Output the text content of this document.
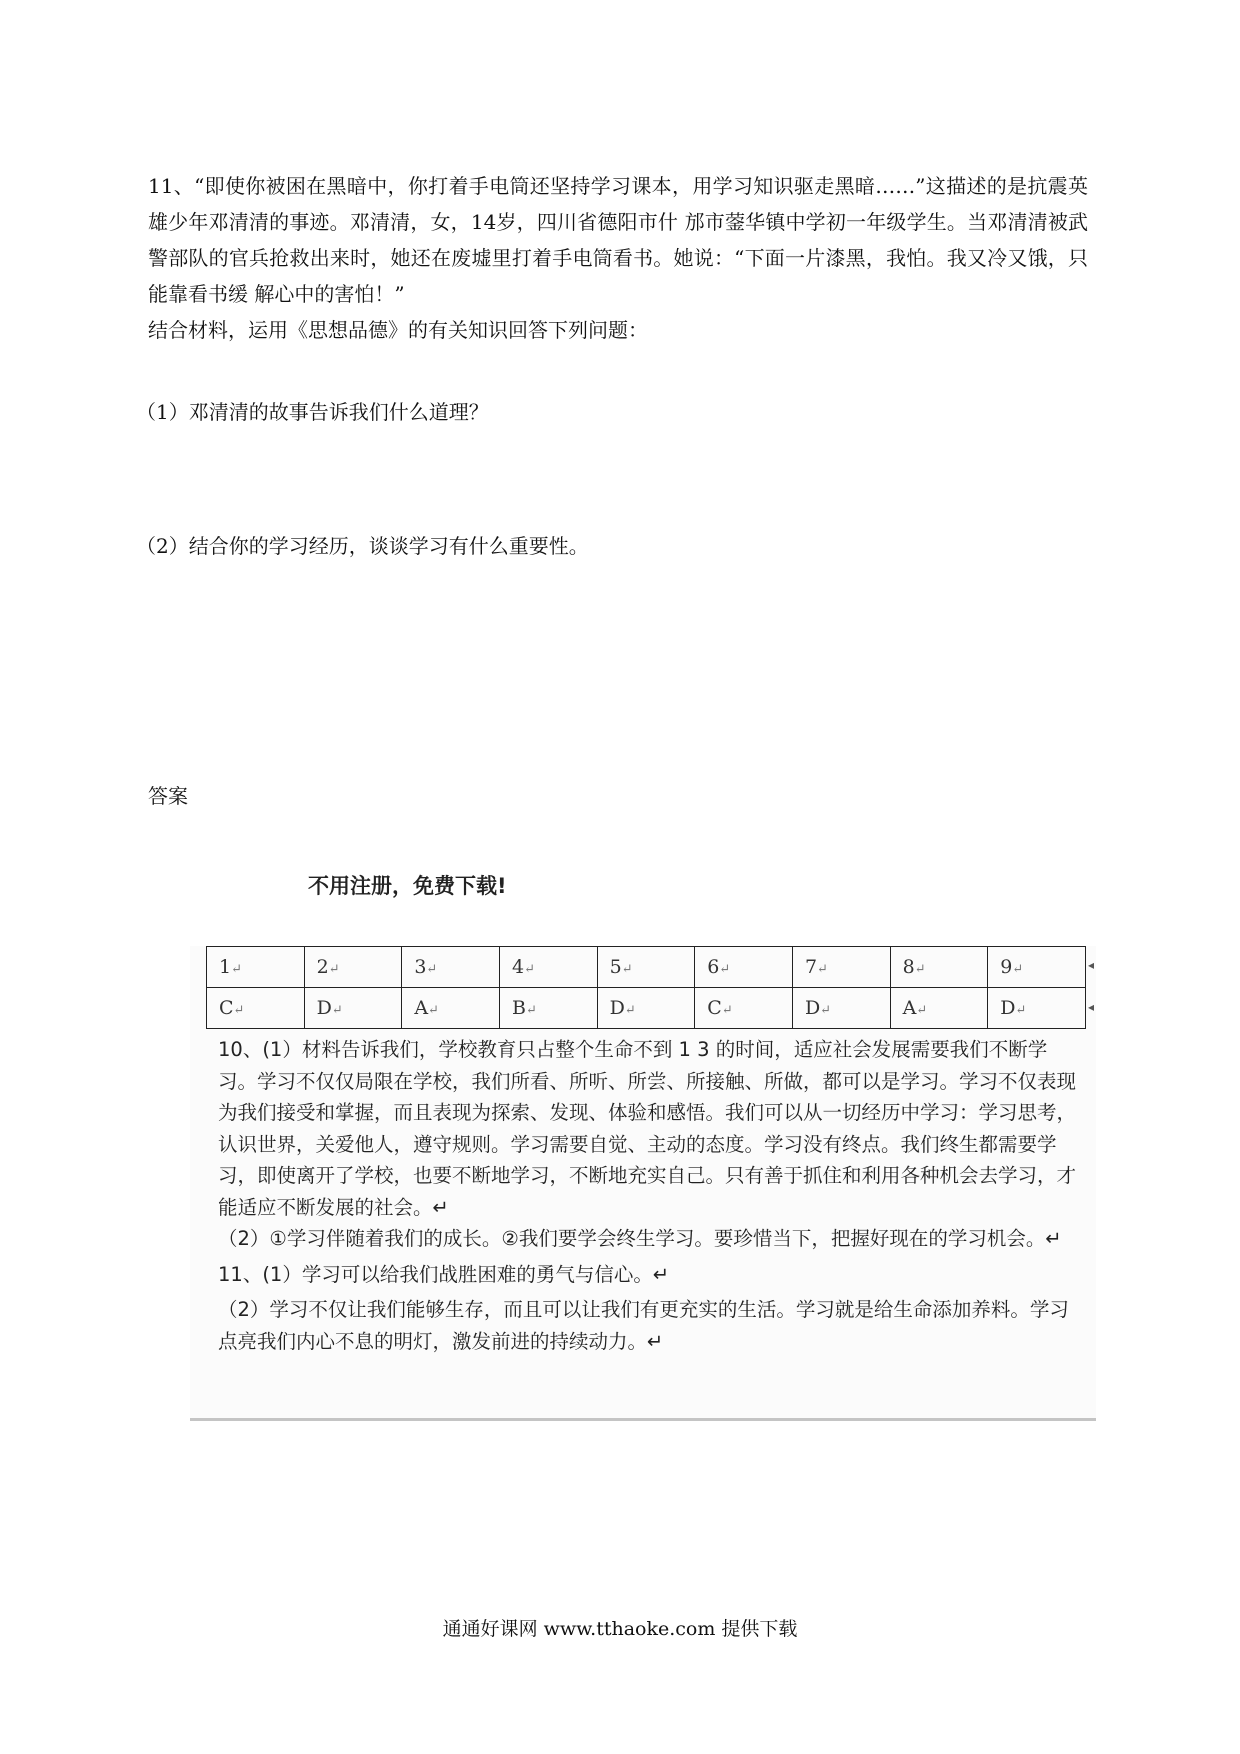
11、“即使你被困在黑暗中，你打着手电筒还坚持学习课本，用学习知识驱走黑暗……”这描述的是抗震英雄少年邓清清的事迹。邓清清，女，14岁，四川省德阳市什 邡市蓥华镇中学初一年级学生。当邓清清被武警部队的官兵抢救出来时，她还在废墟里打着手电筒看书。她说：“下面一片漆黑，我怕。我又冷又饿，只能靠看书缓 解心中的害怕！”

结合材料，运用《思想品德》的有关知识回答下列问题：

（1）邓清清的故事告诉我们什么道理？
（2）结合你的学习经历，谈谈学习有什么重要性。
答案
不用注册，免费下载!
1↵	2↵	3↵	4↵	5↵	6↵	7↵	8↵	9↵
C↵	D↵	A↵	B↵	D↵	C↵	D↵	A↵	D↵
◂
◂

10、(1）材料告诉我们，学校教育只占整个生命不到 1 3 的时间，适应社会发展需要我们不断学习。学习不仅仅局限在学校，我们所看、所听、所尝、所接触、所做，都可以是学习。学习不仅表现为我们接受和掌握，而且表现为探索、发现、体验和感悟。我们可以从一切经历中学习：学习思考，认识世界，关爱他人，遵守规则。学习需要自觉、主动的态度。学习没有终点。我们终生都需要学习，即使离开了学校，也要不断地学习，不断地充实自己。只有善于抓住和利用各种机会去学习，才能适应不断发展的社会。↵

（2）①学习伴随着我们的成长。②我们要学会终生学习。要珍惜当下，把握好现在的学习机会。↵

11、(1）学习可以给我们战胜困难的勇气与信心。↵

（2）学习不仅让我们能够生存，而且可以让我们有更充实的生活。学习就是给生命添加养料。学习点亮我们内心不息的明灯，激发前进的持续动力。↵

通通好课网 www.tthaoke.com 提供下载
